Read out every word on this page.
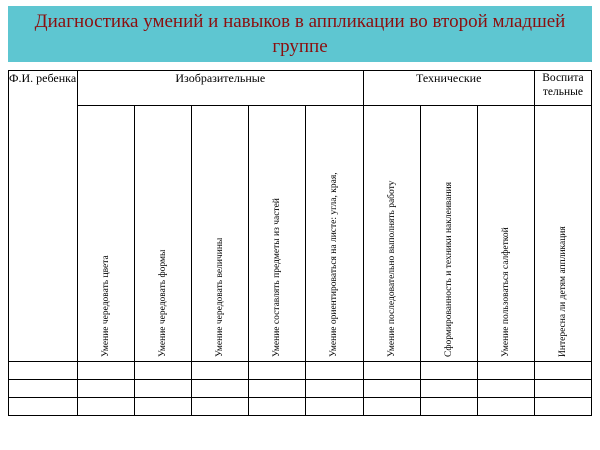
Диагностика умений и навыков в аппликации во второй младшей группе
Ф.И. ребенка	Изобразительные					Технические			Воспита тельные

	Умение чередовать цвета	Умение чередовать формы	Умение чередовать величины	Умение составлять предметы из частей	Умение ориентироваться на листе: угла, края,	Умение последовательно выполнять работу	Сформированность и техники наклеивания	Умение пользоваться салфеткой	Интересна ли детям аппликация
